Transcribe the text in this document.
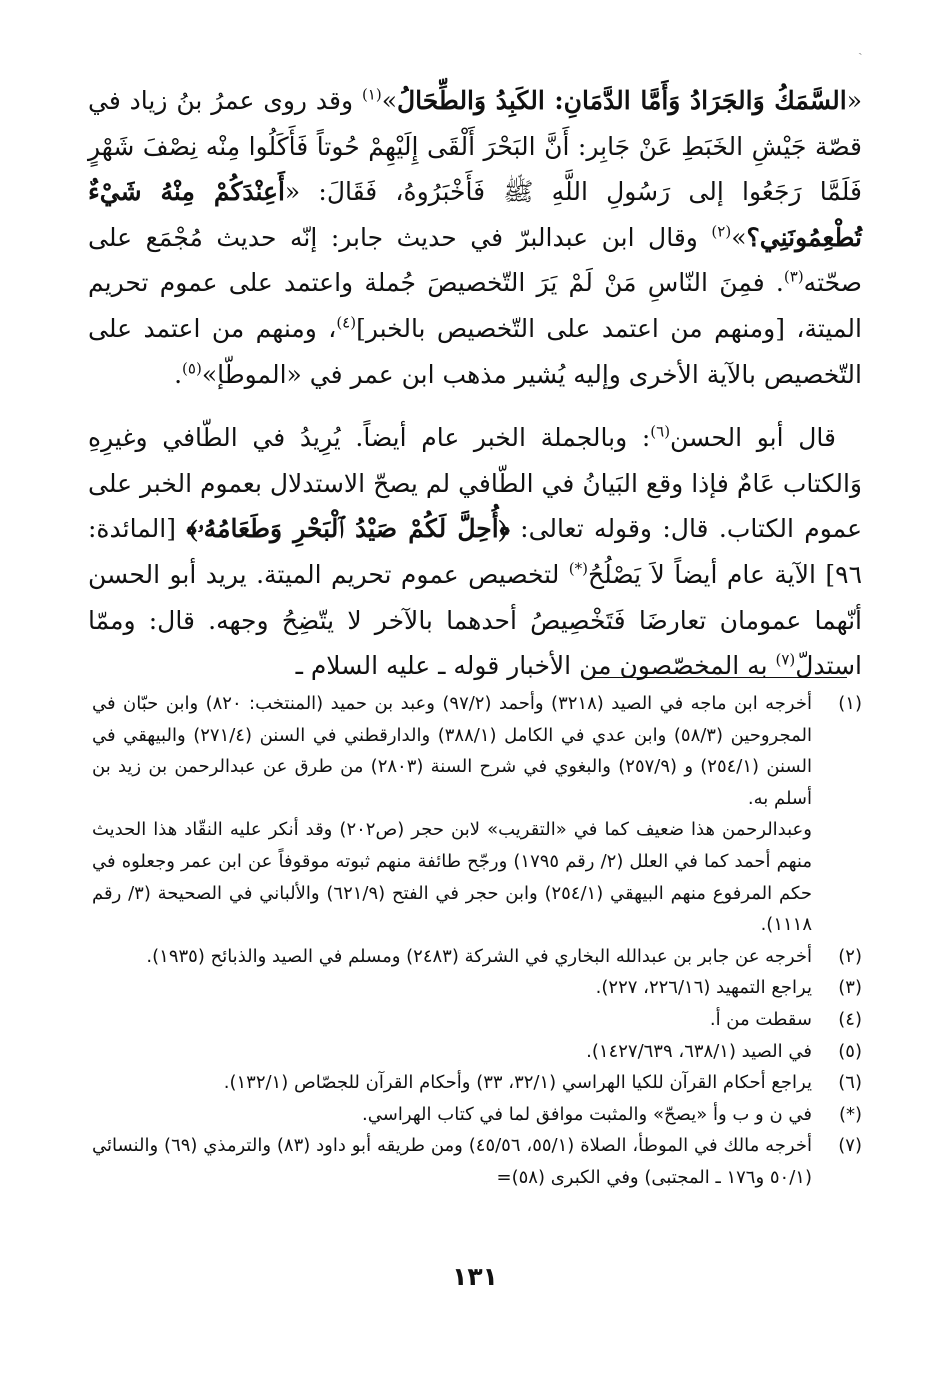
ˎ

«السَّمَكُ وَالجَرَادُ وَأَمَّا الدَّمَانِ: الكَبِدُ وَالطِّحَالُ»$^{(١)}$ وقد روى عمرُ بنُ زياد في قصّة جَيْشِ الخَبَطِ عَنْ جَابِر: أَنَّ البَحْرَ أَلْقَى إِلَيْهِمْ حُوتاً فَأَكَلُوا مِنْه نِصْفَ شَهْرٍ فَلَمَّا رَجَعُوا إلى رَسُولِ اللَّهِ ﷺ فَأَخْبَرُوهُ، فَقَالَ: «أَعِنْدَكُمْ مِنْهُ شَيْءٌ تُطْعِمُونَنِي؟»$^{(٢)}$ وقال ابن عبدالبرّ في حديث جابر: إنّه حديث مُجْمَع على صحّته$^{(٣)}$. فمِنَ النّاسِ مَنْ لَمْ يَرَ التّخصيصَ جُملة واعتمد على عموم تحريم الميتة، [ومنهم من اعتمد على التّخصيص بالخبر]$^{(٤)}$، ومنهم من اعتمد على التّخصيص بالآية الأخرى وإليه يُشير مذهب ابن عمر في «الموطّإ»$^{(٥)}$.

قال أبو الحسن$^{(٦)}$: وبالجملة الخبر عام أيضاً. يُرِيدُ في الطّافي وغيرِهِ وَالكتاب عَامٌ فإذا وقع البَيانُ في الطّافي لم يصحّ الاستدلال بعموم الخبر على عموم الكتاب. قال: وقوله تعالى: ﴿أُحِلَّ لَكُمْ صَيْدُ ٱلْبَحْرِ وَطَعَامُهُۥ﴾ [المائدة: ٩٦] الآية عام أيضاً لاَ يَصْلُحُ(*) لتخصيص عموم تحريم الميتة. يريد أبو الحسن أنّهما عمومان تعارضَا فَتَخْصِيصُ أحدهما بالآخر لا يتّضِحُ وجهه. قال: وممّا استدلّ$^{(٧)}$ به المخصّصون من الأخبار قوله ـ عليه السلام ـ

(١)
أخرجه ابن ماجه في الصيد (٣٢١٨) وأحمد (٩٧/٢) وعبد بن حميد (المنتخب: ٨٢٠) وابن حبّان في المجروحين (٥٨/٣) وابن عدي في الكامل (٣٨٨/١) والدارقطني في السنن (٢٧١/٤) والبيهقي في السنن (٢٥٤/١) و (٢٥٧/٩) والبغوي في شرح السنة (٢٨٠٣) من طرق عن عبدالرحمن بن زيد بن أسلم به.
وعبدالرحمن هذا ضعيف كما في «التقريب» لابن حجر (ص٢٠٢) وقد أنكر عليه النقّاد هذا الحديث منهم أحمد كما في العلل (٢/ رقم ١٧٩٥) ورجّح طائفة منهم ثبوته موقوفاً عن ابن عمر وجعلوه في حكم المرفوع منهم البيهقي (٢٥٤/١) وابن حجر في الفتح (٦٢١/٩) والألباني في الصحيحة (٣/ رقم ١١١٨).
(٢)
أخرجه عن جابر بن عبدالله البخاري في الشركة (٢٤٨٣) ومسلم في الصيد والذبائح (١٩٣٥).
(٣)
يراجع التمهيد (٢٢٦/١٦، ٢٢٧).
(٤)
سقطت من أ.
(٥)
في الصيد (٦٣٨/١، ١٤٢٧/٦٣٩).
(٦)
يراجع أحكام القرآن للكيا الهراسي (٣٢/١، ٣٣) وأحكام القرآن للجصّاص (١٣٢/١).
(*)
في ن و ب وأ «يصحّ» والمثبت موافق لما في كتاب الهراسي.
(٧)
أخرجه مالك في الموطأ، الصلاة (٥٥/١، ٤٥/٥٦) ومن طريقه أبو داود (٨٣) والترمذي (٦٩) والنسائي (٥٠/١ و١٧٦ ـ المجتبى) وفي الكبرى (٥٨)=
١٣١
